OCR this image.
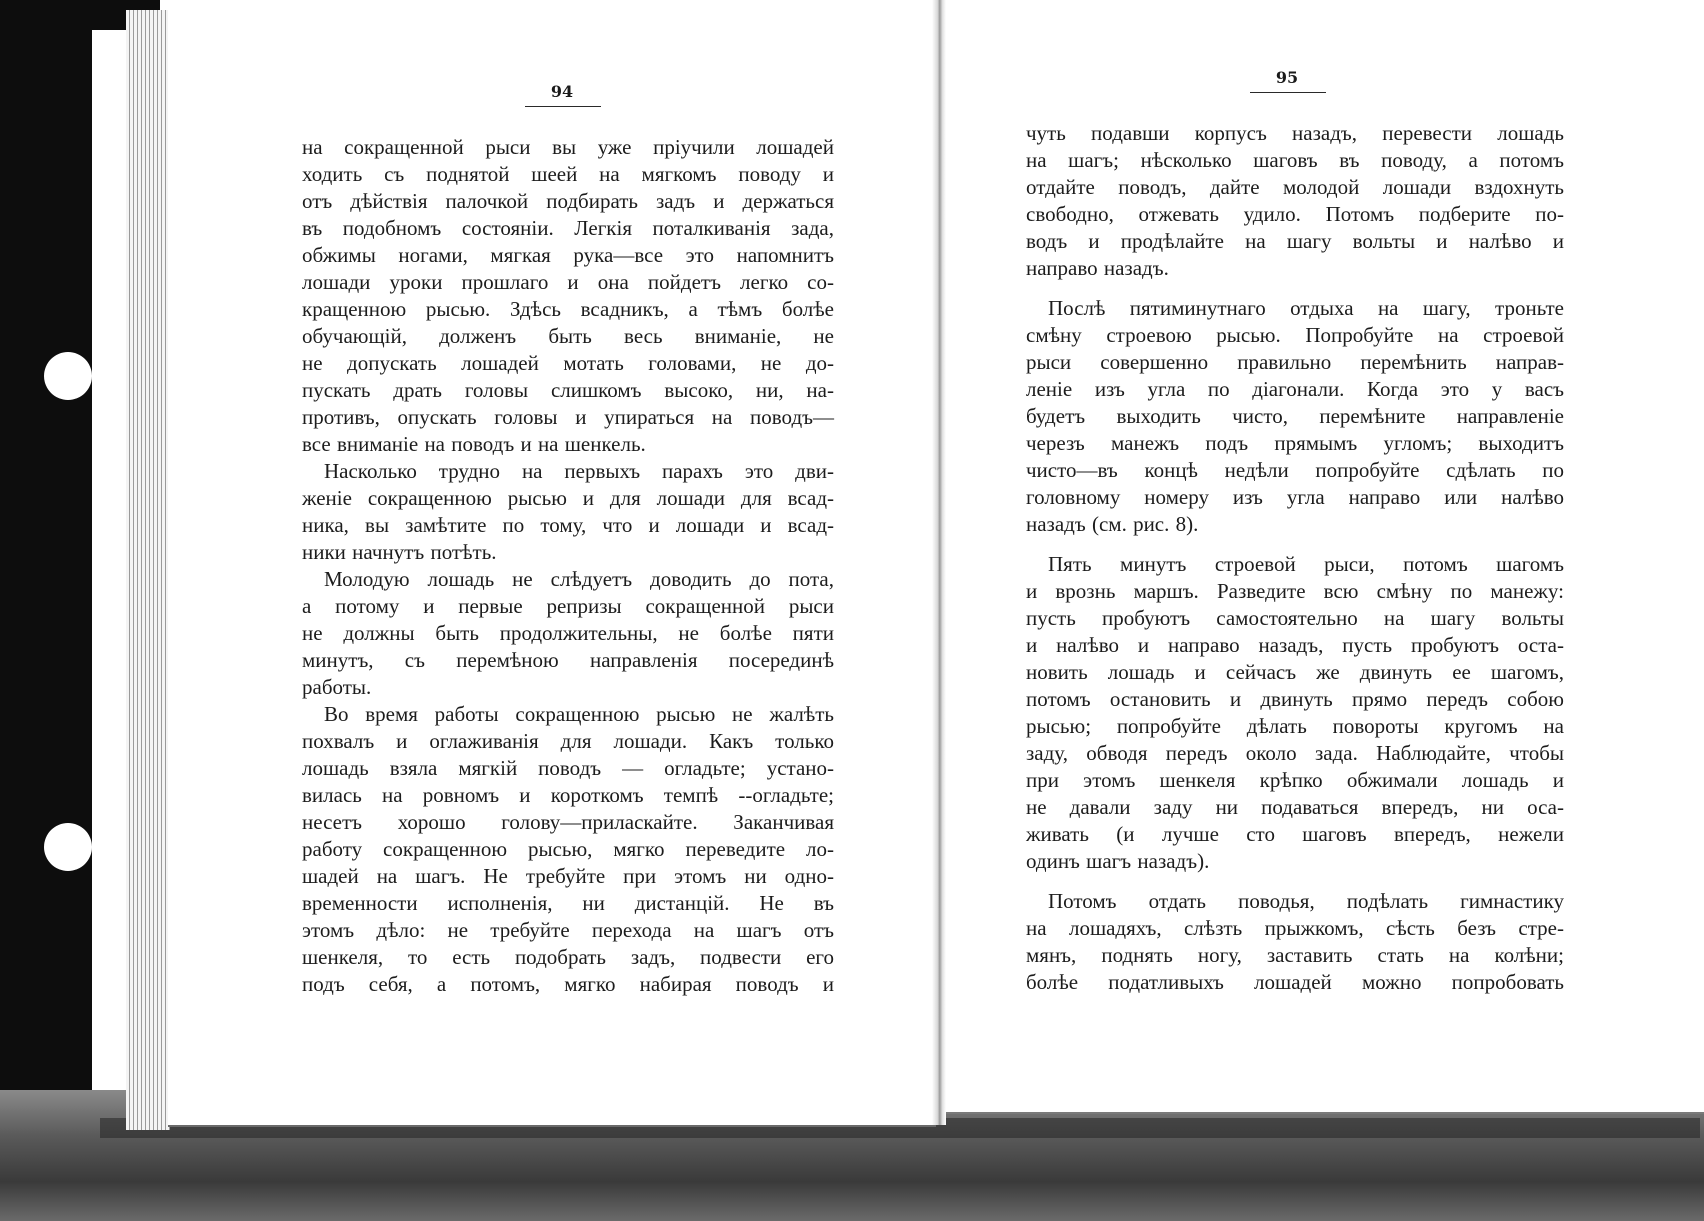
94
95
на сокращенной рыси вы уже пріучили лошадей
ходить съ поднятой шеей на мягкомъ поводу и
отъ дѣйствія палочкой подбирать задъ и держаться
въ подобномъ состояніи. Легкія поталкиванія зада,
обжимы ногами, мягкая рука—все это напомнитъ
лошади уроки прошлаго и она пойдетъ легко со-
кращенною рысью. Здѣсь всадникъ, а тѣмъ болѣе
обучающій, долженъ быть весь вниманіе, не
не допускать лошадей мотать головами, не до-
пускать драть головы слишкомъ высоко, ни, на-
противъ, опускать головы и упираться на поводъ—
все вниманіе на поводъ и на шенкель.
Насколько трудно на первыхъ парахъ это дви-
женіе сокращенною рысью и для лошади для всад-
ника, вы замѣтите по тому, что и лошади и всад-
ники начнутъ потѣть.
Молодую лошадь не слѣдуетъ доводить до пота,
а потому и первые репризы сокращенной рыси
не должны быть продолжительны, не болѣе пяти
минутъ, съ перемѣною направленія посерединѣ
работы.
Во время работы сокращенною рысью не жалѣть
похвалъ и оглаживанія для лошади. Какъ только
лошадь взяла мягкій поводъ — огладьте; устано-
вилась на ровномъ и короткомъ темпѣ --огладьте;
несетъ хорошо голову—приласкайте. Заканчивая
работу сокращенною рысью, мягко переведите ло-
шадей на шагъ. Не требуйте при этомъ ни одно-
временности исполненія, ни дистанцій. Не въ
этомъ дѣло: не требуйте перехода на шагъ отъ
шенкеля, то есть подобрать задъ, подвести его
подъ себя, а потомъ, мягко набирая поводъ и
чуть подавши корпусъ назадъ, перевести лошадь
на шагъ; нѣсколько шаговъ въ поводу, а потомъ
отдайте поводъ, дайте молодой лошади вздохнуть
свободно, отжевать удило. Потомъ подберите по-
водъ и продѣлайте на шагу вольты и налѣво и
направо назадъ.
Послѣ пятиминутнаго отдыха на шагу, троньте
смѣну строевою рысью. Попробуйте на строевой
рыси совершенно правильно перемѣнить направ-
леніе изъ угла по діагонали. Когда это у васъ
будетъ выходить чисто, перемѣните направленіе
черезъ манежъ подъ прямымъ угломъ; выходитъ
чисто—въ концѣ недѣли попробуйте сдѣлать по
головному номеру изъ угла направо или налѣво
назадъ (см. рис. 8).
Пять минутъ строевой рыси, потомъ шагомъ
и врознь маршъ. Разведите всю смѣну по манежу:
пусть пробуютъ самостоятельно на шагу вольты
и налѣво и направо назадъ, пусть пробуютъ оста-
новить лошадь и сейчасъ же двинуть ее шагомъ,
потомъ остановить и двинуть прямо передъ собою
рысью; попробуйте дѣлать повороты кругомъ на
заду, обводя передъ около зада. Наблюдайте, чтобы
при этомъ шенкеля крѣпко обжимали лошадь и
не давали заду ни подаваться впередъ, ни оса-
живать (и лучше сто шаговъ впередъ, нежели
одинъ шагъ назадъ).
Потомъ отдать поводья, подѣлать гимнастику
на лошадяхъ, слѣзть прыжкомъ, сѣсть безъ стре-
мянъ, поднять ногу, заставить стать на колѣни;
болѣе податливыхъ лошадей можно попробовать
